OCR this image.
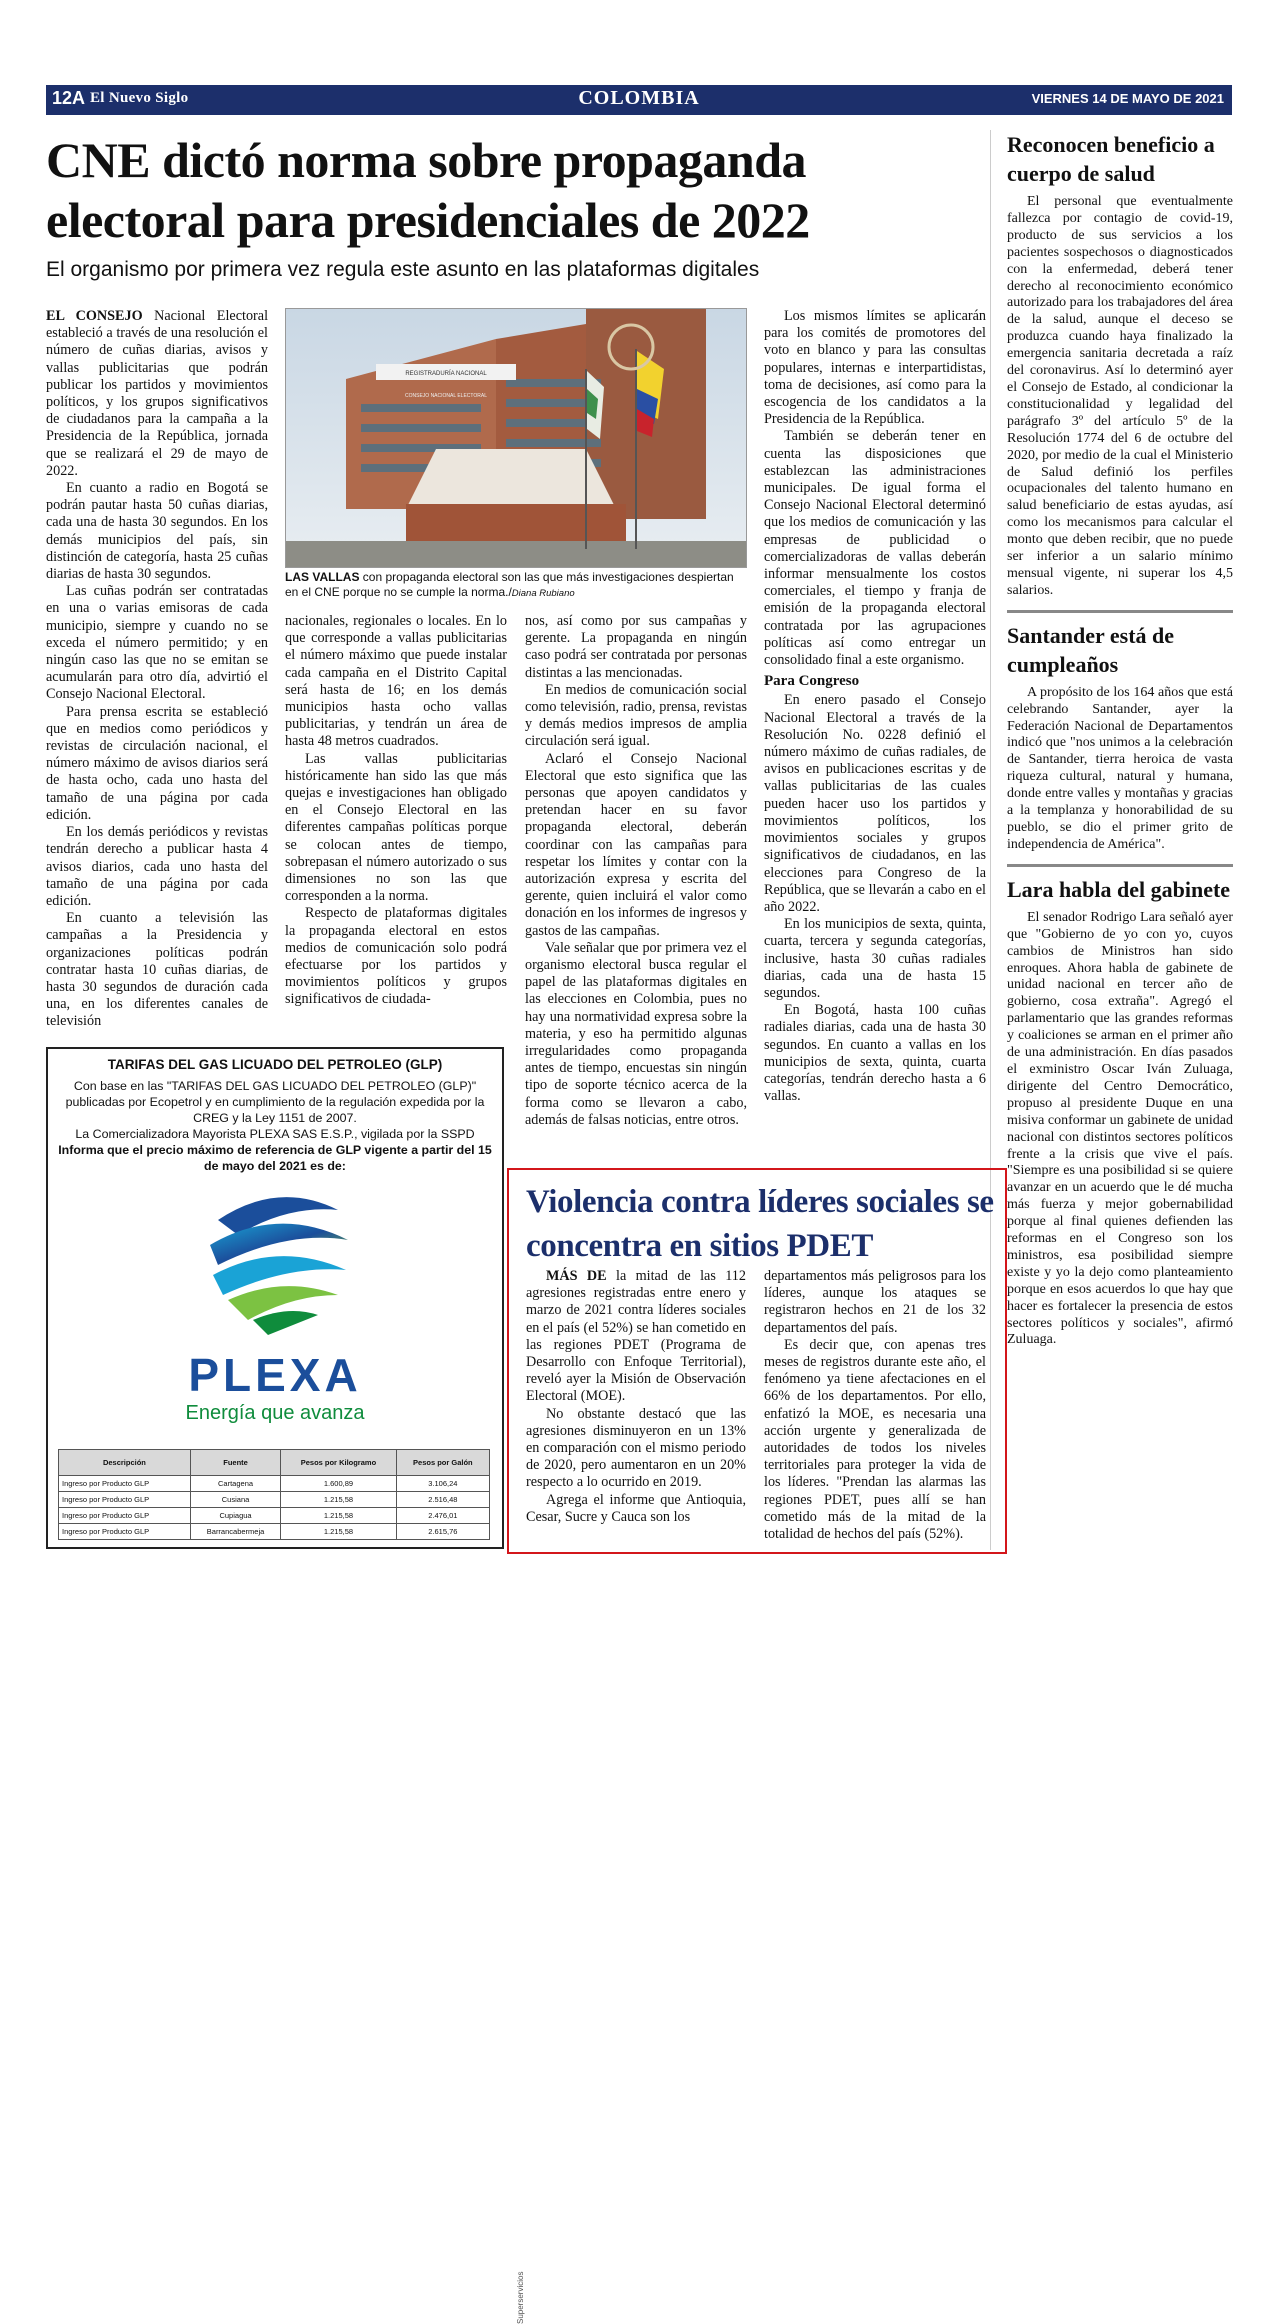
12A El Nuevo Siglo	COLOMBIA	VIERNES 14 DE MAYO DE 2021
CNE dictó norma sobre propaganda electoral para presidenciales de 2022
El organismo por primera vez regula este asunto en las plataformas digitales

EL CONSEJO Nacional Electoral estableció a través de una resolución el número de cuñas diarias, avisos y vallas publicitarias que podrán publicar los partidos y movimientos políticos, y los grupos significativos de ciudadanos para la campaña a la Presidencia de la República, jornada que se realizará el 29 de mayo de 2022.

En cuanto a radio en Bogotá se podrán pautar hasta 50 cuñas diarias, cada una de hasta 30 segundos. En los demás municipios del país, sin distinción de categoría, hasta 25 cuñas diarias de hasta 30 segundos.

Las cuñas podrán ser contratadas en una o varias emisoras de cada municipio, siempre y cuando no se exceda el número permitido; y en ningún caso las que no se emitan se acumularán para otro día, advirtió el Consejo Nacional Electoral.

Para prensa escrita se estableció que en medios como periódicos y revistas de circulación nacional, el número máximo de avisos diarios será de hasta ocho, cada uno hasta del tamaño de una página por cada edición.

En los demás periódicos y revistas tendrán derecho a publicar hasta 4 avisos diarios, cada uno hasta del tamaño de una página por cada edición.

En cuanto a televisión las campañas a la Presidencia y organizaciones políticas podrán contratar hasta 10 cuñas diarias, de hasta 30 segundos de duración cada una, en los diferentes canales de televisión

REGISTRADURÍA NACIONAL
CONSEJO NACIONAL ELECTORAL
LAS VALLAS con propaganda electoral son las que más investigaciones despiertan en el CNE porque no se cumple la norma./Diana Rubiano

nacionales, regionales o locales. En lo que corresponde a vallas publicitarias el número máximo que puede instalar cada campaña en el Distrito Capital será hasta de 16; en los demás municipios hasta ocho vallas publicitarias, y tendrán un área de hasta 48 metros cuadrados.

Las vallas publicitarias históricamente han sido las que más quejas e investigaciones han obligado en el Consejo Electoral en las diferentes campañas políticas porque se colocan antes de tiempo, sobrepasan el número autorizado o sus dimensiones no son las que corresponden a la norma.

Respecto de plataformas digitales la propaganda electoral en estos medios de comunicación solo podrá efectuarse por los partidos y movimientos políticos y grupos significativos de ciudada-

nos, así como por sus campañas y gerente. La propaganda en ningún caso podrá ser contratada por personas distintas a las mencionadas.

En medios de comunicación social como televisión, radio, prensa, revistas y demás medios impresos de amplia circulación será igual.

Aclaró el Consejo Nacional Electoral que esto significa que las personas que apoyen candidatos y pretendan hacer en su favor propaganda electoral, deberán coordinar con las campañas para respetar los límites y contar con la autorización expresa y escrita del gerente, quien incluirá el valor como donación en los informes de ingresos y gastos de las campañas.

Vale señalar que por primera vez el organismo electoral busca regular el papel de las plataformas digitales en las elecciones en Colombia, pues no hay una normatividad expresa sobre la materia, y eso ha permitido algunas irregularidades como propaganda antes de tiempo, encuestas sin ningún tipo de soporte técnico acerca de la forma como se llevaron a cabo, además de falsas noticias, entre otros.

Los mismos límites se aplicarán para los comités de promotores del voto en blanco y para las consultas populares, internas e interpartidistas, toma de decisiones, así como para la escogencia de los candidatos a la Presidencia de la República.

También se deberán tener en cuenta las disposiciones que establezcan las administraciones municipales. De igual forma el Consejo Nacional Electoral determinó que los medios de comunicación y las empresas de publicidad o comercializadoras de vallas deberán informar mensualmente los costos comerciales, el tiempo y franja de emisión de la propaganda electoral contratada por las agrupaciones políticas así como entregar un consolidado final a este organismo.

Para Congreso

En enero pasado el Consejo Nacional Electoral a través de la Resolución No. 0228 definió el número máximo de cuñas radiales, de avisos en publicaciones escritas y de vallas publicitarias de las cuales pueden hacer uso los partidos y movimientos políticos, los movimientos sociales y grupos significativos de ciudadanos, en las elecciones para Congreso de la República, que se llevarán a cabo en el año 2022.

En los municipios de sexta, quinta, cuarta, tercera y segunda categorías, inclusive, hasta 30 cuñas radiales diarias, cada una de hasta 15 segundos.

En Bogotá, hasta 100 cuñas radiales diarias, cada una de hasta 30 segundos. En cuanto a vallas en los municipios de sexta, quinta, cuarta categorías, tendrán derecho hasta a 6 vallas.

Reconocen beneficio a cuerpo de salud

El personal que eventualmente fallezca por contagio de covid-19, producto de sus servicios a los pacientes sospechosos o diagnosticados con la enfermedad, deberá tener derecho al reconocimiento económico autorizado para los trabajadores del área de la salud, aunque el deceso se produzca cuando haya finalizado la emergencia sanitaria decretada a raíz del coronavirus. Así lo determinó ayer el Consejo de Estado, al condicionar la constitucionalidad y legalidad del parágrafo 3º del artículo 5º de la Resolución 1774 del 6 de octubre del 2020, por medio de la cual el Ministerio de Salud definió los perfiles ocupacionales del talento humano en salud beneficiario de estas ayudas, así como los mecanismos para calcular el monto que deben recibir, que no puede ser inferior a un salario mínimo mensual vigente, ni superar los 4,5 salarios.

Santander está de cumpleaños

A propósito de los 164 años que está celebrando Santander, ayer la Federación Nacional de Departamentos indicó que "nos unimos a la celebración de Santander, tierra heroica de vasta riqueza cultural, natural y humana, donde entre valles y montañas y gracias a la templanza y honorabilidad de su pueblo, se dio el primer grito de independencia de América".

Lara habla del gabinete

El senador Rodrigo Lara señaló ayer que "Gobierno de yo con yo, cuyos cambios de Ministros han sido enroques. Ahora habla de gabinete de unidad nacional en tercer año de gobierno, cosa extraña". Agregó el parlamentario que las grandes reformas y coaliciones se arman en el primer año de una administración. En días pasados el exministro Oscar Iván Zuluaga, dirigente del Centro Democrático, propuso al presidente Duque en una misiva conformar un gabinete de unidad nacional con distintos sectores políticos frente a la crisis que vive el país. "Siempre es una posibilidad si se quiere avanzar en un acuerdo que le dé mucha más fuerza y mejor gobernabilidad porque al final quienes defienden las reformas en el Congreso son los ministros, esa posibilidad siempre existe y yo la dejo como planteamiento porque en esos acuerdos lo que hay que hacer es fortalecer la presencia de estos sectores políticos y sociales", afirmó Zuluaga.

TARIFAS DEL GAS LICUADO DEL PETROLEO (GLP)
Con base en las "TARIFAS DEL GAS LICUADO DEL PETROLEO (GLP)" publicadas por Ecopetrol y en cumplimiento de la regulación expedida por la CREG y la Ley 1151 de 2007.
La Comercializadora Mayorista PLEXA SAS E.S.P., vigilada por la SSPD
Informa que el precio máximo de referencia de GLP vigente a partir del 15 de mayo del 2021 es de:
PLEXA
Energía que avanza
Superservicios
Descripción	Fuente	Pesos por Kilogramo	Pesos por Galón
Ingreso por Producto GLP	Cartagena	1.600,89	3.106,24
Ingreso por Producto GLP	Cusiana	1.215,58	2.516,48
Ingreso por Producto GLP	Cupiagua	1.215,58	2.476,01
Ingreso por Producto GLP	Barrancabermeja	1.215,58	2.615,76
Violencia contra líderes sociales se concentra en sitios PDET

MÁS DE la mitad de las 112 agresiones registradas entre enero y marzo de 2021 contra líderes sociales en el país (el 52%) se han cometido en las regiones PDET (Programa de Desarrollo con Enfoque Territorial), reveló ayer la Misión de Observación Electoral (MOE).

No obstante destacó que las agresiones disminuyeron en un 13% en comparación con el mismo periodo de 2020, pero aumentaron en un 20% respecto a lo ocurrido en 2019.

Agrega el informe que Antioquia, Cesar, Sucre y Cauca son los

departamentos más peligrosos para los líderes, aunque los ataques se registraron hechos en 21 de los 32 departamentos del país.

Es decir que, con apenas tres meses de registros durante este año, el fenómeno ya tiene afectaciones en el 66% de los departamentos. Por ello, enfatizó la MOE, es necesaria una acción urgente y generalizada de autoridades de todos los niveles territoriales para proteger la vida de los líderes. "Prendan las alarmas las regiones PDET, pues allí se han cometido más de la mitad de la totalidad de hechos del país (52%).
